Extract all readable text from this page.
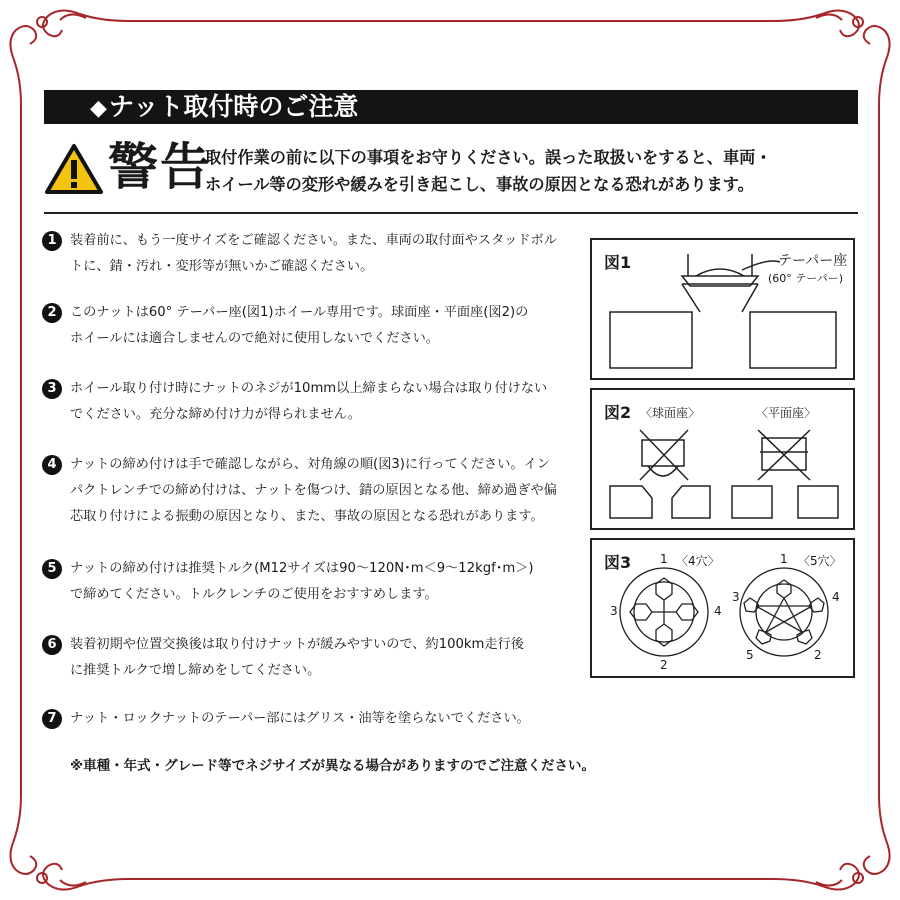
◆ナット取付時のご注意
警告
取付作業の前に以下の事項をお守りください。誤った取扱いをすると、車両・
ホイール等の変形や緩みを引き起こし、事故の原因となる恐れがあります。
1	装着前に、もう一度サイズをご確認ください。また、車両の取付面やスタッドボル
トに、錆・汚れ・変形等が無いかご確認ください。
2	このナットは60° テーパー座(図1)ホイール専用です。球面座・平面座(図2)の
ホイールには適合しませんので絶対に使用しないでください。
3	ホイール取り付け時にナットのネジが10mm以上締まらない場合は取り付けない
でください。充分な締め付け力が得られません。
4	ナットの締め付けは手で確認しながら、対角線の順(図3)に行ってください。イン
パクトレンチでの締め付けは、ナットを傷つけ、錆の原因となる他、締め過ぎや偏
芯取り付けによる振動の原因となり、また、事故の原因となる恐れがあります。
5	ナットの締め付けは推奨トルク(M12サイズは90～120N･m＜9～12kgf･m＞)
で締めてください。トルクレンチのご使用をおすすめします。
6	装着初期や位置交換後は取り付けナットが緩みやすいので、約100km走行後
に推奨トルクで増し締めをしてください。
7	ナット・ロックナットのテーパー部にはグリス・油等を塗らないでください。
※車種・年式・グレード等でネジサイズが異なる場合がありますのでご注意ください。
図1	テーパー座
(60° テーパー)
図2 〈球面座〉	〈平面座〉
図3 1 〈4穴〉
3	4
2
1 〈5穴〉
3	4
5	2
